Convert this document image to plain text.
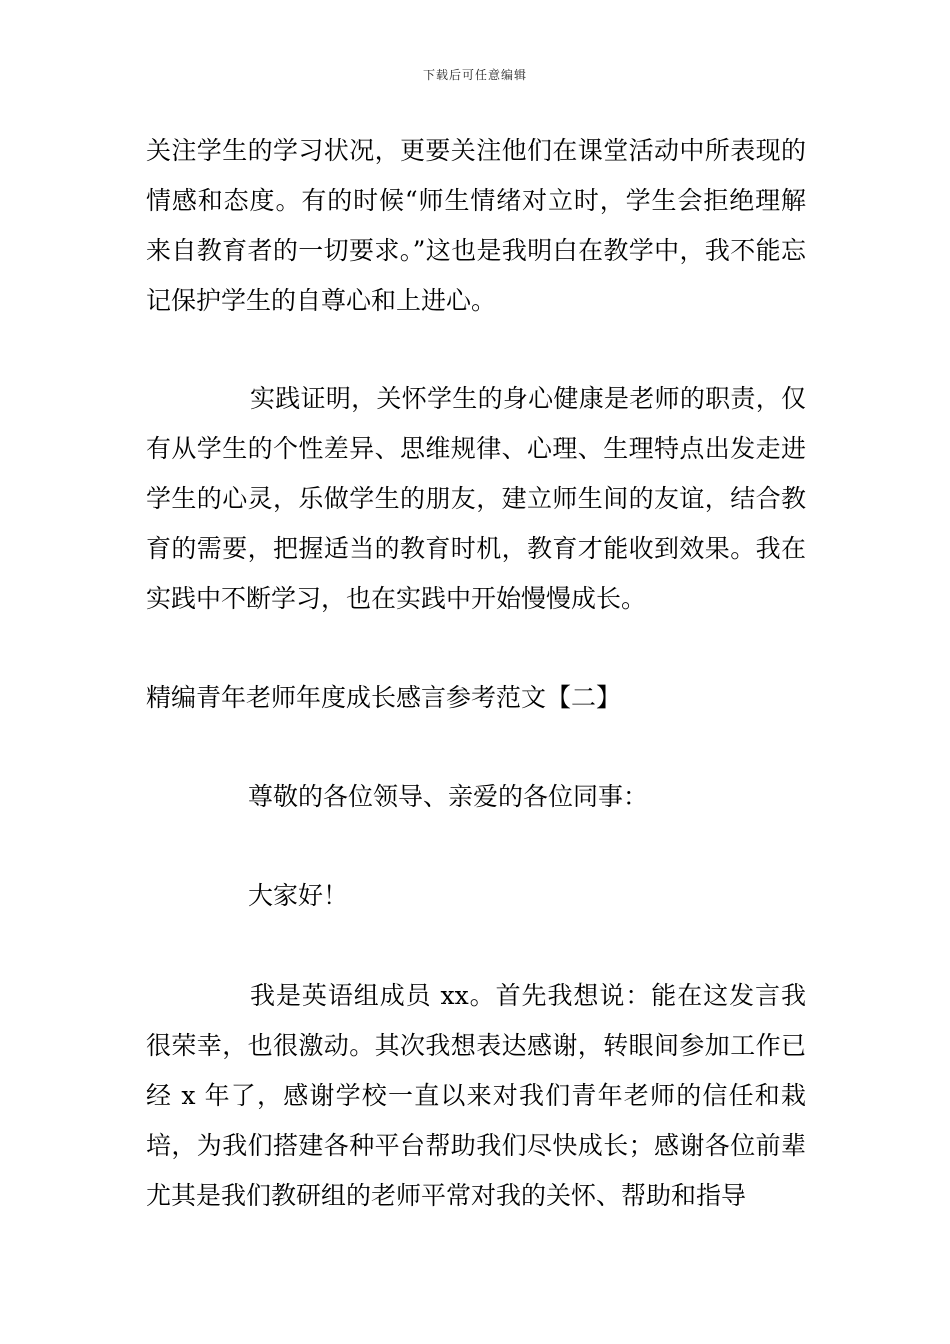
下载后可任意编辑
关注学生的学习状况，更要关注他们在课堂活动中所表现的情感和态度。有的时候“师生情绪对立时，学生会拒绝理解来自教育者的一切要求。”这也是我明白在教学中，我不能忘记保护学生的自尊心和上进心。
实践证明，关怀学生的身心健康是老师的职责，仅有从学生的个性差异、思维规律、心理、生理特点出发走进学生的心灵，乐做学生的朋友，建立师生间的友谊，结合教育的需要，把握适当的教育时机，教育才能收到效果。我在实践中不断学习，也在实践中开始慢慢成长。
精编青年老师年度成长感言参考范文【二】
尊敬的各位领导、亲爱的各位同事：
大家好！
我是英语组成员 xx。首先我想说：能在这发言我很荣幸，也很激动。其次我想表达感谢，转眼间参加工作已经 x 年了，感谢学校一直以来对我们青年老师的信任和栽培，为我们搭建各种平台帮助我们尽快成长；感谢各位前辈尤其是我们教研组的老师平常对我的关怀、帮助和指导
